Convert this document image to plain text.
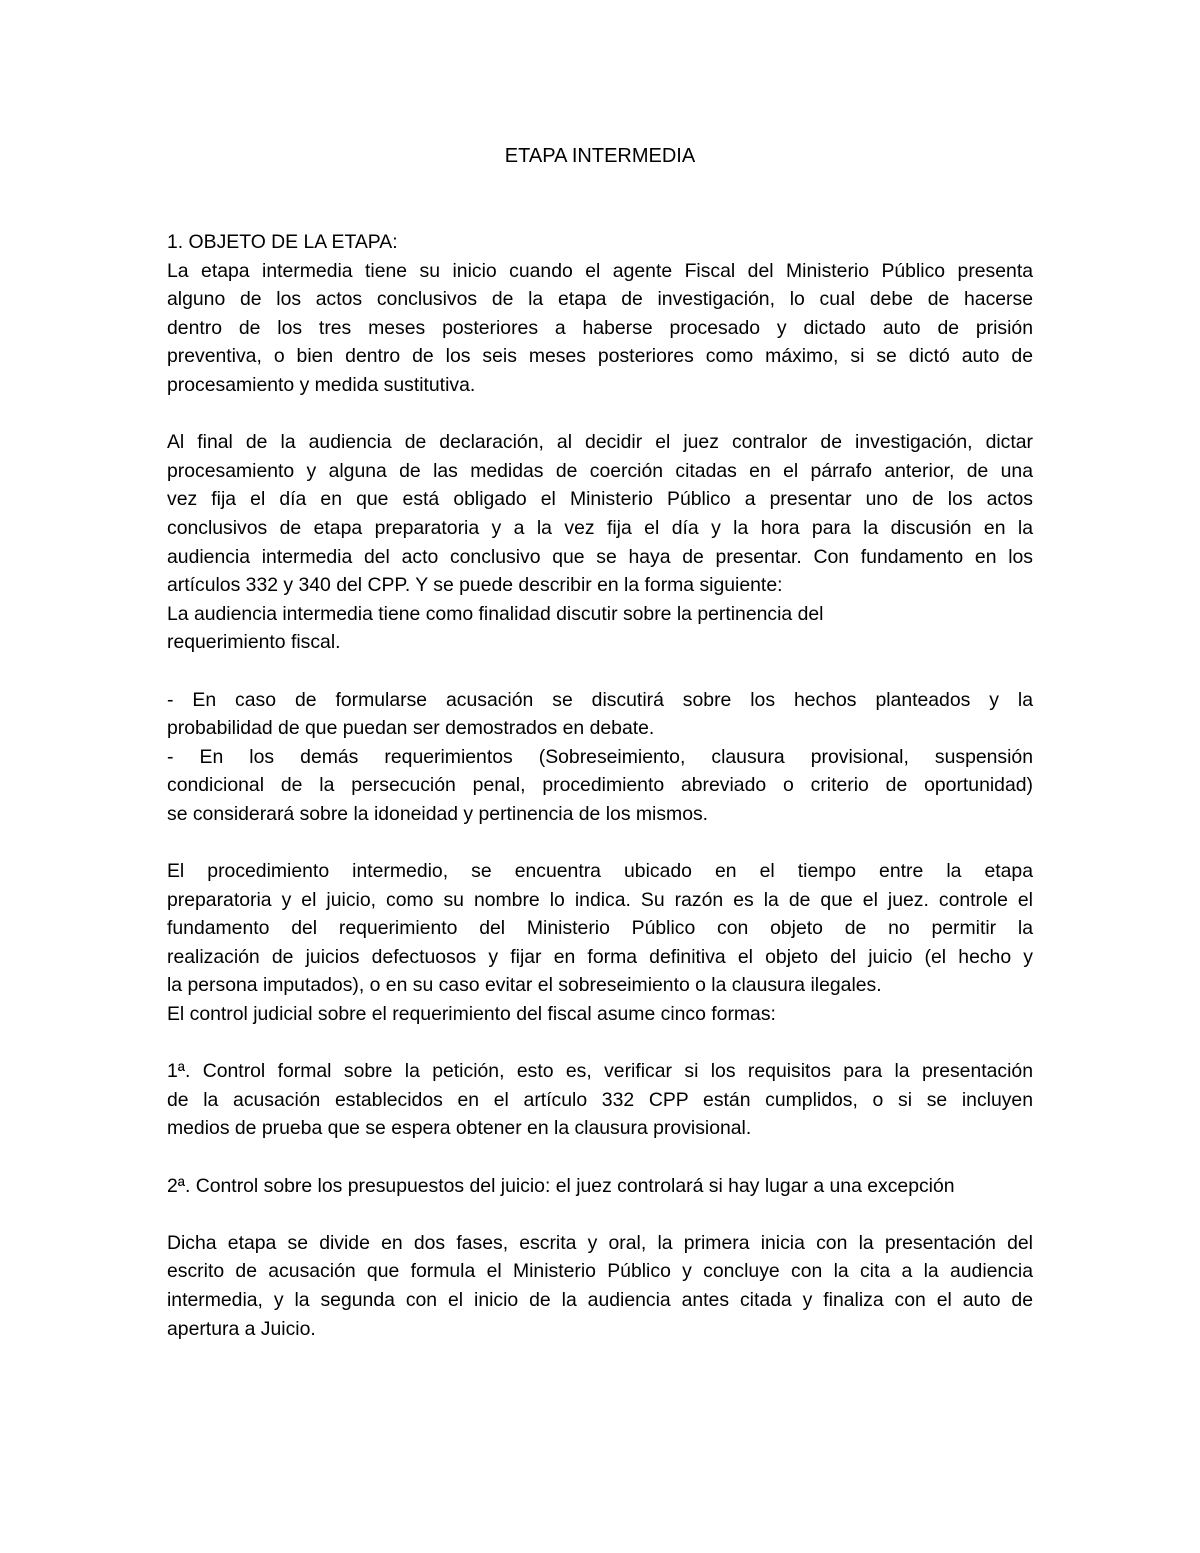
ETAPA INTERMEDIA
1. OBJETO DE LA ETAPA:
La etapa intermedia tiene su inicio cuando el agente Fiscal del Ministerio Público presenta
alguno de los actos conclusivos de la etapa de investigación, lo cual debe de hacerse
dentro de los tres meses posteriores a haberse procesado y dictado auto de prisión
preventiva, o bien dentro de los seis meses posteriores como máximo, si se dictó auto de
procesamiento y medida sustitutiva.
Al final de la audiencia de declaración, al decidir el juez contralor de investigación, dictar
procesamiento y alguna de las medidas de coerción citadas en el párrafo anterior, de una
vez fija el día en que está obligado el Ministerio Público a presentar uno de los actos
conclusivos de etapa preparatoria y a la vez fija el día y la hora para la discusión en la
audiencia intermedia del acto conclusivo que se haya de presentar. Con fundamento en los
artículos 332 y 340 del CPP. Y se puede describir en la forma siguiente:
La audiencia intermedia tiene como finalidad discutir sobre la pertinencia del
requerimiento fiscal.
- En caso de formularse acusación se discutirá sobre los hechos planteados y la
probabilidad de que puedan ser demostrados en debate.
- En los demás requerimientos (Sobreseimiento, clausura provisional, suspensión
condicional de la persecución penal, procedimiento abreviado o criterio de oportunidad)
se considerará sobre la idoneidad y pertinencia de los mismos.
El procedimiento intermedio, se encuentra ubicado en el tiempo entre la etapa
preparatoria y el juicio, como su nombre lo indica. Su razón es la de que el juez. controle el
fundamento del requerimiento del Ministerio Público con objeto de no permitir la
realización de juicios defectuosos y fijar en forma definitiva el objeto del juicio (el hecho y
la persona imputados), o en su caso evitar el sobreseimiento o la clausura ilegales.
El control judicial sobre el requerimiento del fiscal asume cinco formas:
1ª. Control formal sobre la petición, esto es, verificar si los requisitos para la presentación
de la acusación establecidos en el artículo 332 CPP están cumplidos, o si se incluyen
medios de prueba que se espera obtener en la clausura provisional.
2ª. Control sobre los presupuestos del juicio: el juez controlará si hay lugar a una excepción
Dicha etapa se divide en dos fases, escrita y oral, la primera inicia con la presentación del
escrito de acusación que formula el Ministerio Público y concluye con la cita a la audiencia
intermedia, y la segunda con el inicio de la audiencia antes citada y finaliza con el auto de
apertura a Juicio.
